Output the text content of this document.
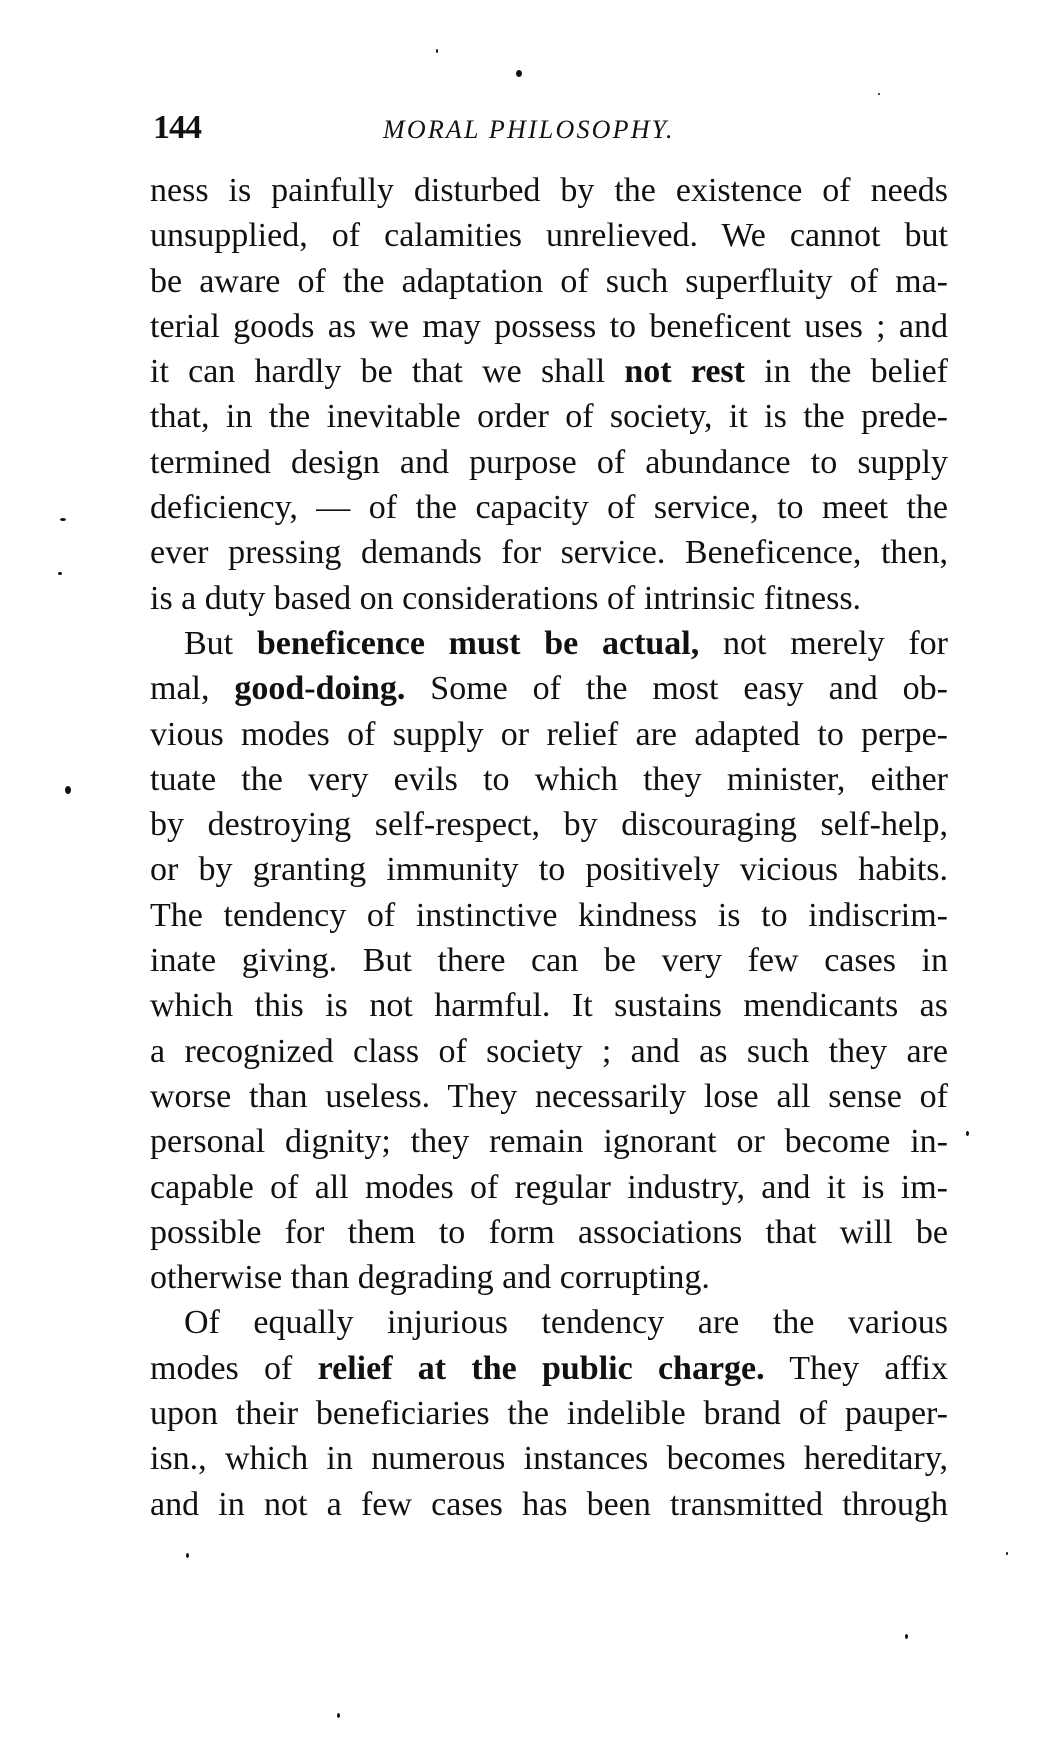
144	MORAL PHILOSOPHY.
ness is painfully disturbed by the existence of needs
unsupplied, of calamities unrelieved. We cannot but
be aware of the adaptation of such superfluity of ma-
terial goods as we may possess to beneficent uses ; and
it can hardly be that we shall not rest in the belief
that, in the inevitable order of society, it is the prede-
termined design and purpose of abundance to supply
deficiency, — of the capacity of service, to meet the
ever pressing demands for service. Beneficence, then,
is a duty based on considerations of intrinsic fitness.
But beneficence must be actual, not merely for
mal, good-doing. Some of the most easy and ob-
vious modes of supply or relief are adapted to perpe-
tuate the very evils to which they minister, either
by destroying self-respect, by discouraging self-help,
or by granting immunity to positively vicious habits.
The tendency of instinctive kindness is to indiscrim-
inate giving. But there can be very few cases in
which this is not harmful. It sustains mendicants as
a recognized class of society ; and as such they are
worse than useless. They necessarily lose all sense of
personal dignity; they remain ignorant or become in-
capable of all modes of regular industry, and it is im-
possible for them to form associations that will be
otherwise than degrading and corrupting.
Of equally injurious tendency are the various
modes of relief at the public charge. They affix
upon their beneficiaries the indelible brand of pauper-
isn., which in numerous instances becomes hereditary,
and in not a few cases has been transmitted through
